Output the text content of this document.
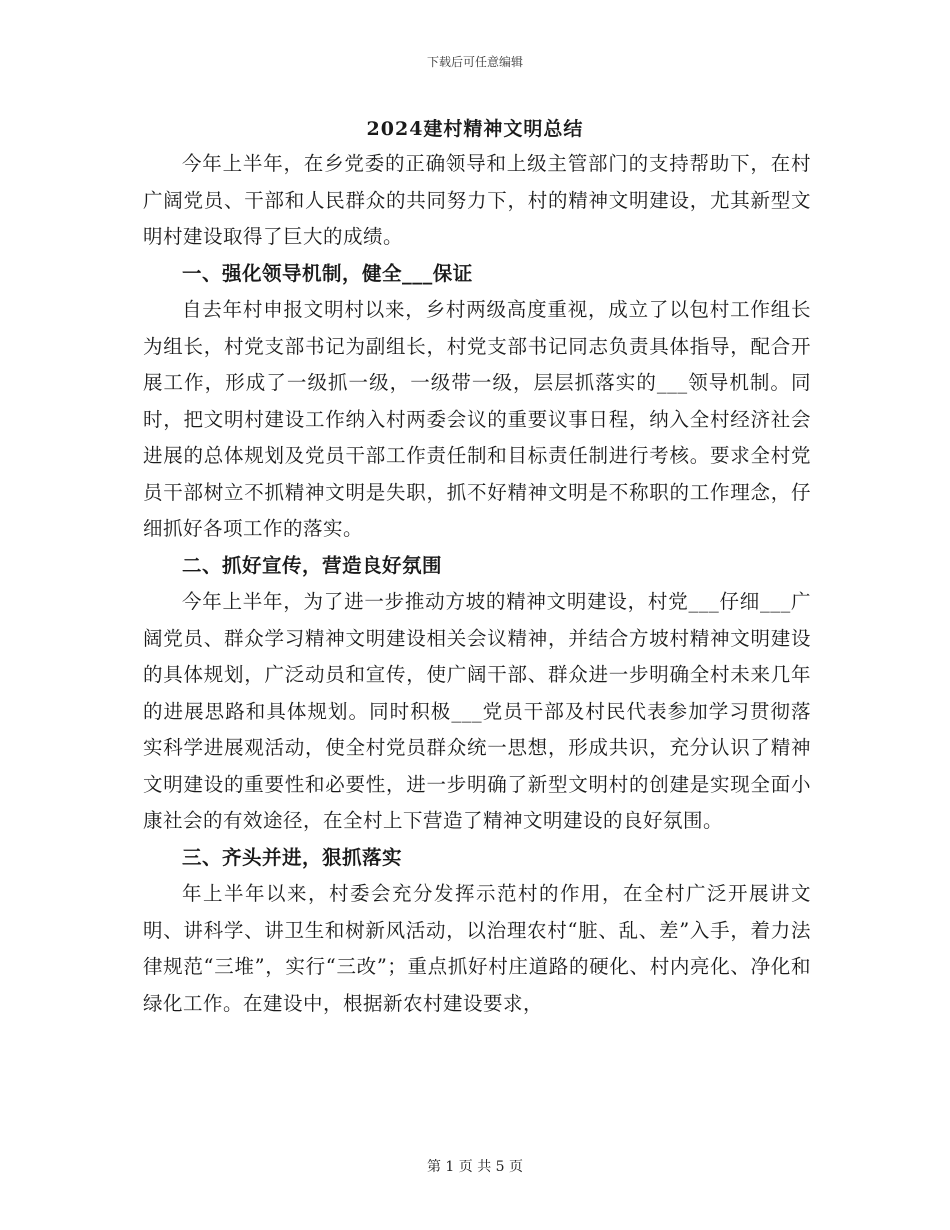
下载后可任意编辑
2024建村精神文明总结

今年上半年，在乡党委的正确领导和上级主管部门的支持帮助下，在村广阔党员、干部和人民群众的共同努力下，村的精神文明建设，尤其新型文明村建设取得了巨大的成绩。

一、强化领导机制，健全___保证

自去年村申报文明村以来，乡村两级高度重视，成立了以包村工作组长为组长，村党支部书记为副组长，村党支部书记同志负责具体指导，配合开展工作，形成了一级抓一级，一级带一级，层层抓落实的___领导机制。同时，把文明村建设工作纳入村两委会议的重要议事日程，纳入全村经济社会进展的总体规划及党员干部工作责任制和目标责任制进行考核。要求全村党员干部树立不抓精神文明是失职，抓不好精神文明是不称职的工作理念，仔细抓好各项工作的落实。

二、抓好宣传，营造良好氛围

今年上半年，为了进一步推动方坡的精神文明建设，村党___仔细___广阔党员、群众学习精神文明建设相关会议精神，并结合方坡村精神文明建设的具体规划，广泛动员和宣传，使广阔干部、群众进一步明确全村未来几年的进展思路和具体规划。同时积极___党员干部及村民代表参加学习贯彻落实科学进展观活动，使全村党员群众统一思想，形成共识，充分认识了精神文明建设的重要性和必要性，进一步明确了新型文明村的创建是实现全面小康社会的有效途径，在全村上下营造了精神文明建设的良好氛围。

三、齐头并进，狠抓落实

年上半年以来，村委会充分发挥示范村的作用，在全村广泛开展讲文明、讲科学、讲卫生和树新风活动，以治理农村“脏、乱、差”入手，着力法律规范“三堆”，实行“三改”；重点抓好村庄道路的硬化、村内亮化、净化和绿化工作。在建设中，根据新农村建设要求，

第 1 页 共 5 页
